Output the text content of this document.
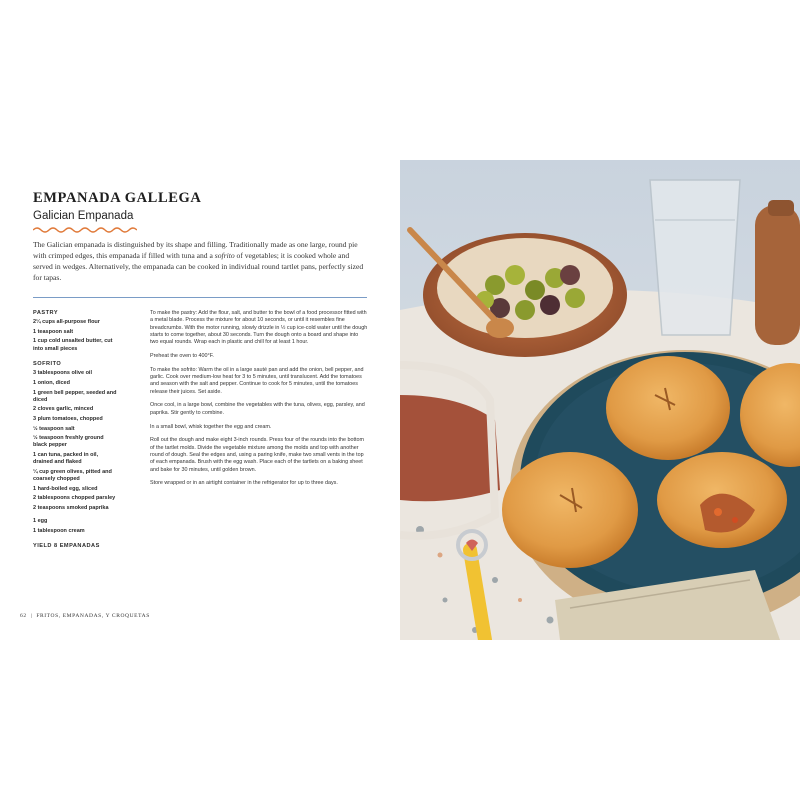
EMPANADA GALLEGA
Galician Empanada
The Galician empanada is distinguished by its shape and filling. Traditionally made as one large, round pie with crimped edges, this empanada if filled with tuna and a sofrito of vegetables; it is cooked whole and served in wedges. Alternatively, the empanada can be cooked in individual round tartlet pans, perfectly sized for tapas.
PASTRY
2¼ cups all-purpose flour
1 teaspoon salt
1 cup cold unsalted butter, cut into small pieces
SOFRITO
3 tablespoons olive oil
1 onion, diced
1 green bell pepper, seeded and diced
2 cloves garlic, minced
3 plum tomatoes, chopped
½ teaspoon salt
½ teaspoon freshly ground black pepper
1 can tuna, packed in oil, drained and flaked
¼ cup green olives, pitted and coarsely chopped
1 hard-boiled egg, sliced
2 tablespoons chopped parsley
2 teaspoons smoked paprika
1 egg
1 tablespoon cream
YIELD 8 EMPANADAS

To make the pastry: Add the flour, salt, and butter to the bowl of a food processor fitted with a metal blade. Process the mixture for about 10 seconds, or until it resembles fine breadcrumbs. With the motor running, slowly drizzle in ½ cup ice-cold water until the dough starts to come together, about 30 seconds. Turn the dough onto a board and shape into two equal rounds. Wrap each in plastic and chill for at least 1 hour.

Preheat the oven to 400°F.

To make the sofrito: Warm the oil in a large sauté pan and add the onion, bell pepper, and garlic. Cook over medium-low heat for 3 to 5 minutes, until translucent. Add the tomatoes and season with the salt and pepper. Continue to cook for 5 minutes, until the tomatoes release their juices. Set aside.

Once cool, in a large bowl, combine the vegetables with the tuna, olives, egg, parsley, and paprika. Stir gently to combine.

In a small bowl, whisk together the egg and cream.

Roll out the dough and make eight 3-inch rounds. Press four of the rounds into the bottom of the tartlet molds. Divide the vegetable mixture among the molds and top with another round of dough. Seal the edges and, using a paring knife, make two small vents in the top of each empanada. Brush with the egg wash. Place each of the tartlets on a baking sheet and bake for 30 minutes, until golden brown.

Store wrapped or in an airtight container in the refrigerator for up to three days.

62 | FRITOS, EMPANADAS, Y CROQUETAS
